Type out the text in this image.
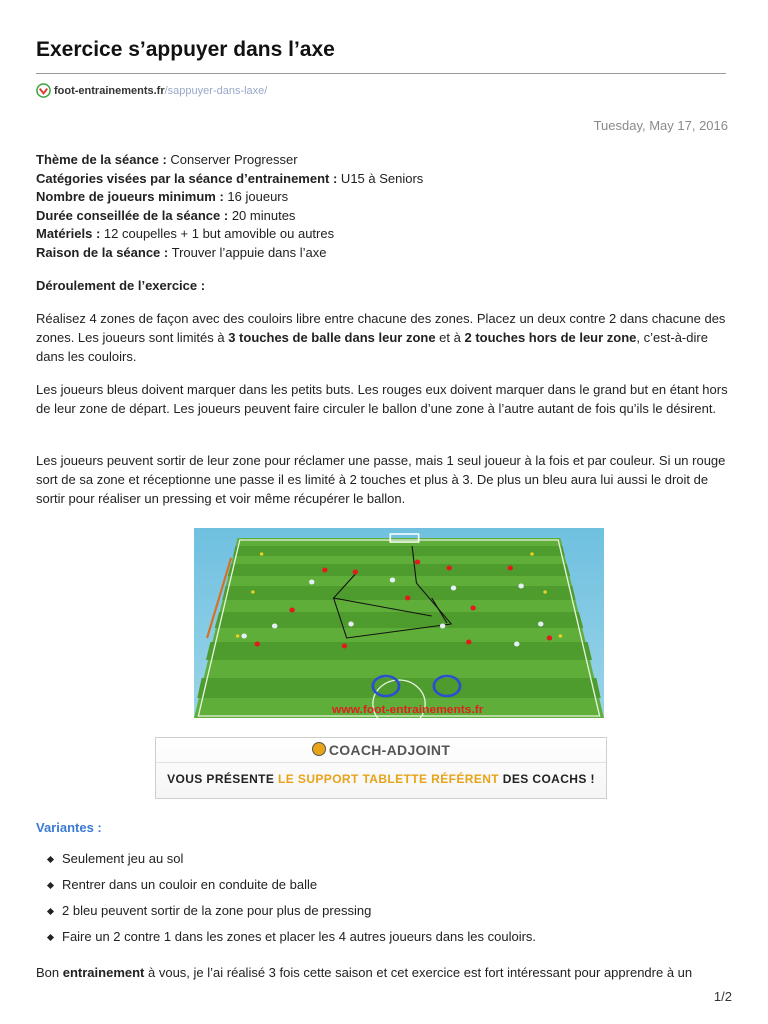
Exercice s’appuyer dans l’axe
foot-entrainements.fr /sappuyer-dans-laxe/
Tuesday, May 17, 2016
Thème de la séance : Conserver Progresser
Catégories visées par la séance d’entrainement : U15 à Seniors
Nombre de joueurs minimum : 16 joueurs
Durée conseillée de la séance : 20 minutes
Matériels : 12 coupelles + 1 but amovible ou autres
Raison de la séance : Trouver l’appuie dans l’axe

Déroulement de l’exercice :

Réalisez 4 zones de façon avec des couloirs libre entre chacune des zones. Placez un deux contre 2 dans chacune des zones. Les joueurs sont limités à 3 touches de balle dans leur zone et à 2 touches hors de leur zone, c’est-à-dire dans les couloirs.

Les joueurs bleus doivent marquer dans les petits buts. Les rouges eux doivent marquer dans le grand but en étant hors de leur zone de départ. Les joueurs peuvent faire circuler le ballon d’une zone à l’autre autant de fois qu’ils le désirent.

Les joueurs peuvent sortir de leur zone pour réclamer une passe, mais 1 seul joueur à la fois et par couleur. Si un rouge sort de sa zone et réceptionne une passe il es limité à 2 touches et plus à 3. De plus un bleu aura lui aussi le droit de sortir pour réaliser un pressing et voir même récupérer le ballon.

www.foot-entrainements.fr
COACH-ADJOINT
VOUS PRÉSENTE LE SUPPORT TABLETTE RÉFÉRENT DES COACHS !
Variantes :
Seulement jeu au sol
Rentrer dans un couloir en conduite de balle
2 bleu peuvent sortir de la zone pour plus de pressing
Faire un 2 contre 1 dans les zones et placer les 4 autres joueurs dans les couloirs.

Bon entrainement à vous, je l’ai réalisé 3 fois cette saison et cet exercice est fort intéressant pour apprendre à un

1/2
